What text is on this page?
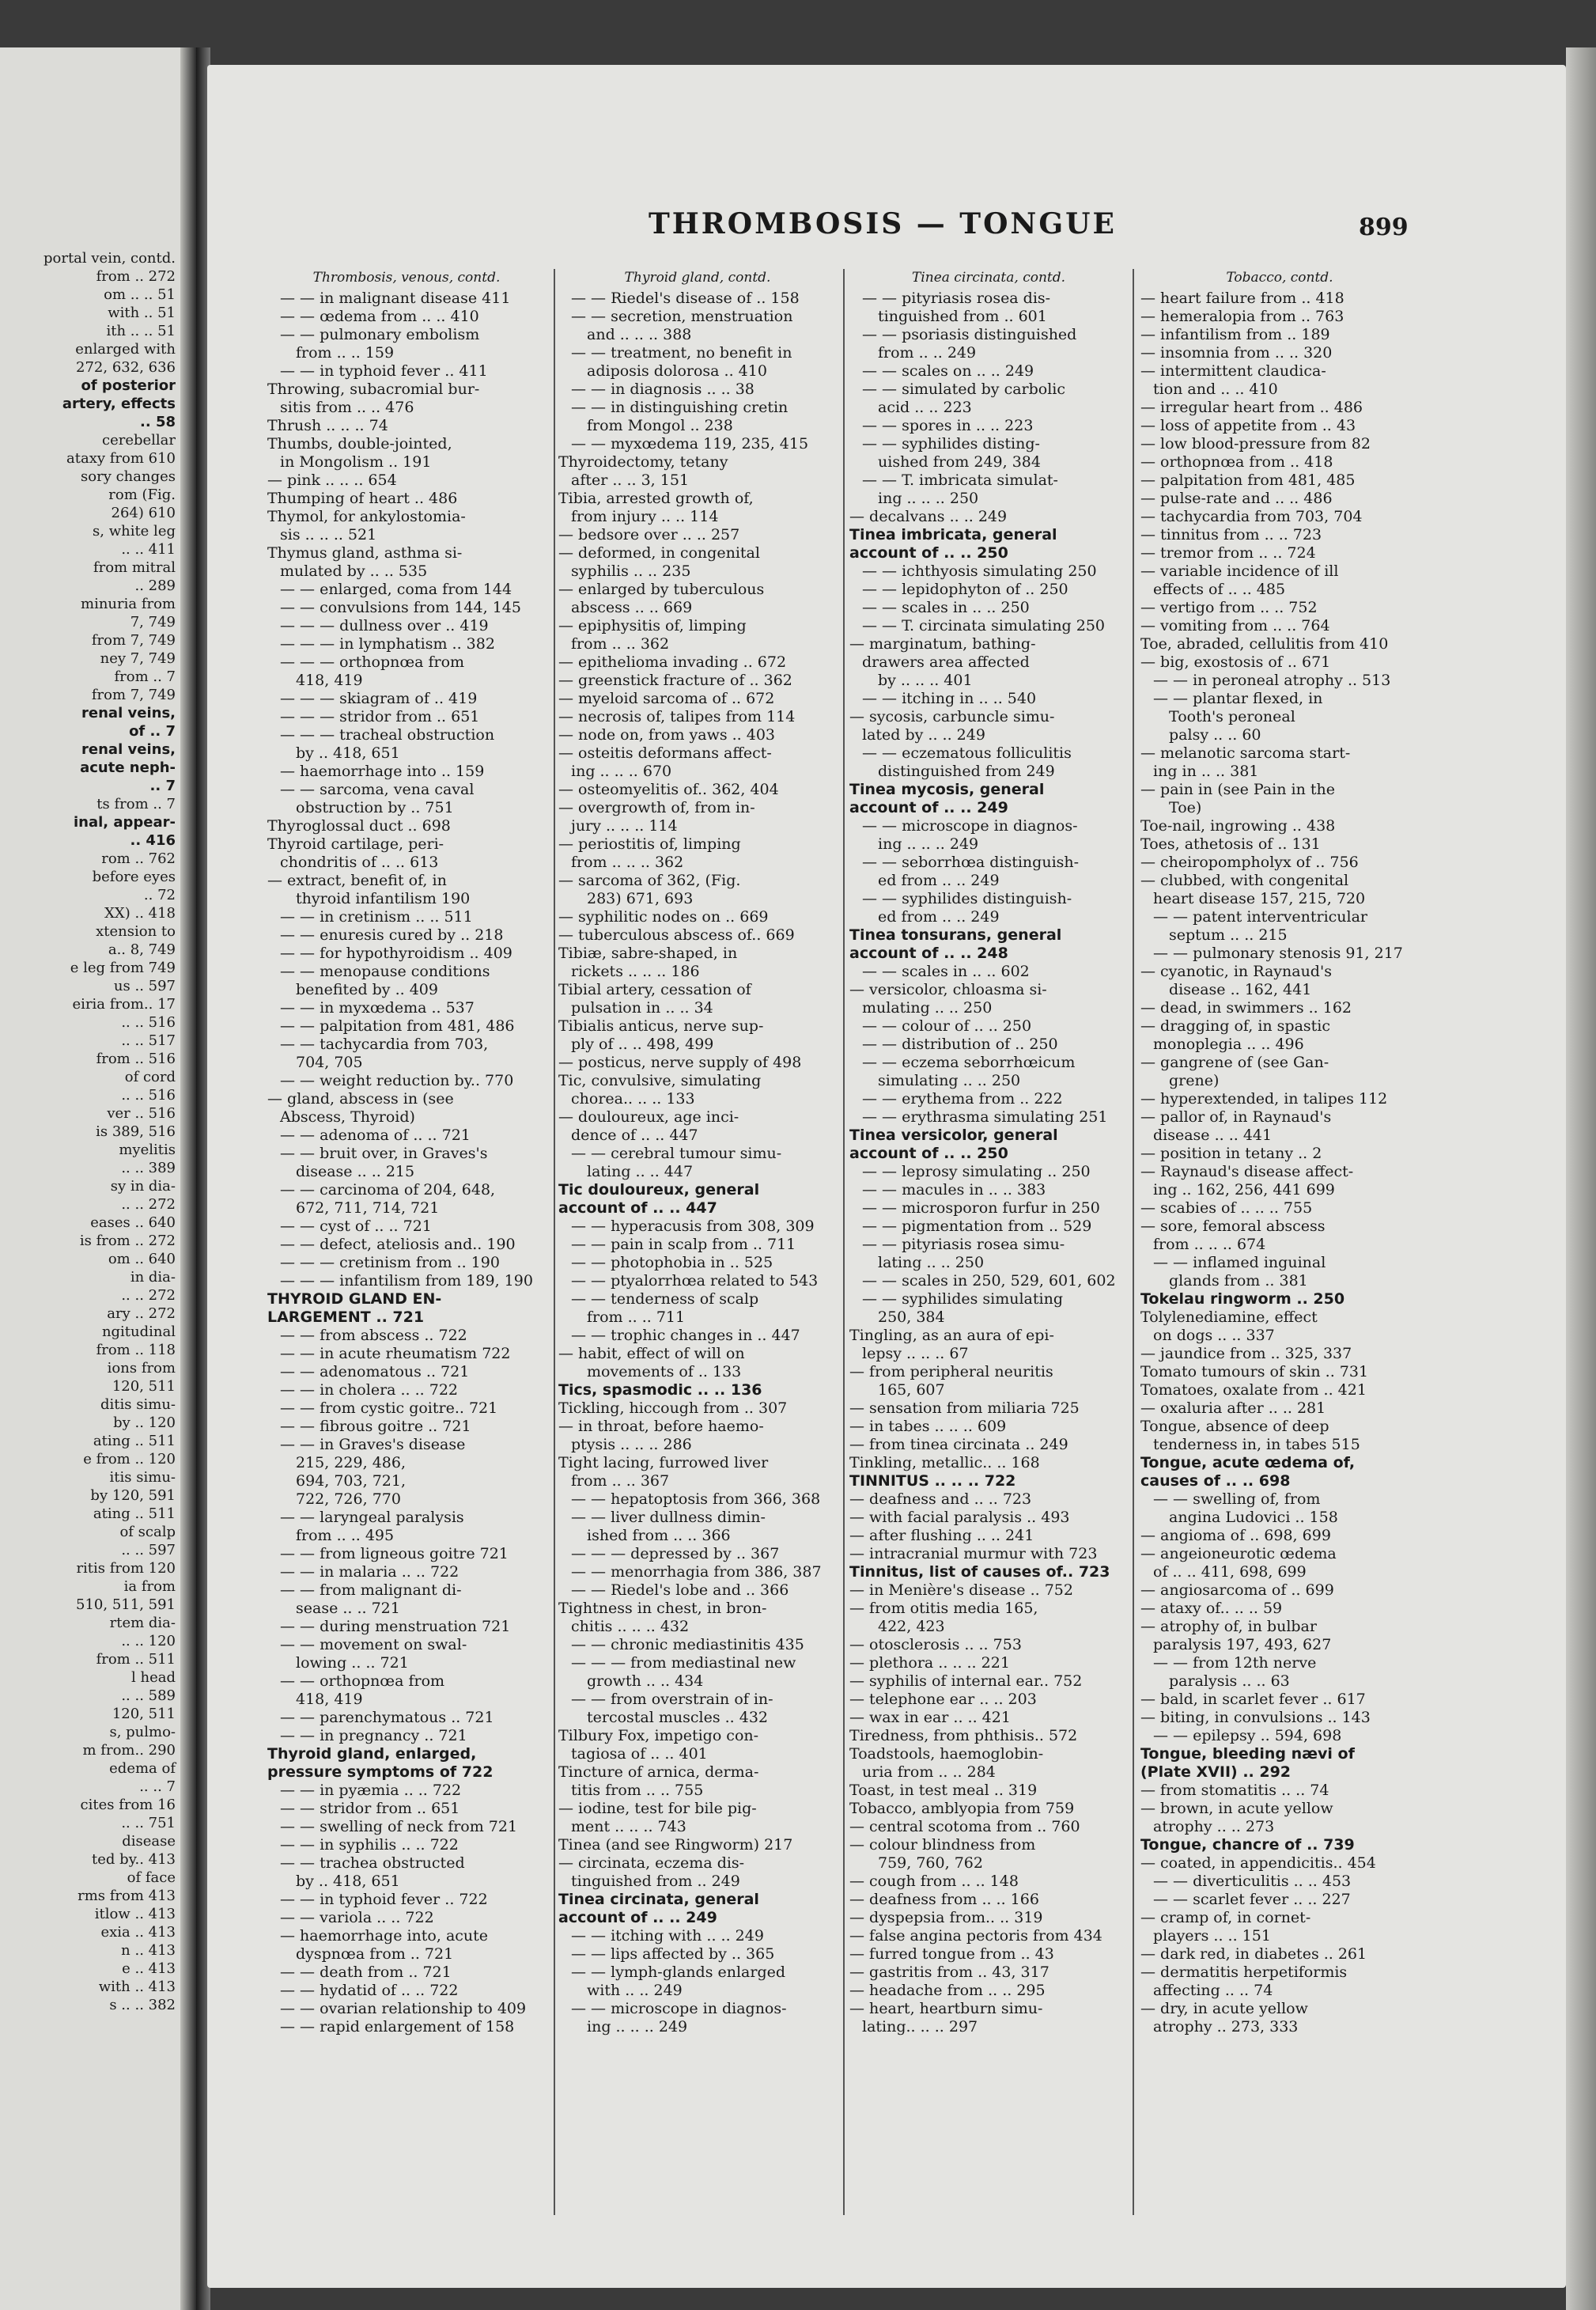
portal vein, contd.
from .. 272
om .. .. 51
with .. 51
ith .. .. 51
enlarged with
272, 632, 636
of posterior
artery, effects
.. 58
cerebellar
ataxy from 610
sory changes
rom (Fig.
264) 610
s, white leg
.. .. 411
from mitral
.. 289
minuria from
7, 749
from 7, 749
ney 7, 749
from .. 7
from 7, 749
renal veins,
of .. 7
renal veins,
acute neph-
.. 7
ts from .. 7
inal, appear-
.. 416
rom .. 762
before eyes
.. 72
XX) .. 418
xtension to
a.. 8, 749
e leg from 749
us .. 597
eiria from.. 17
.. .. 516
.. .. 517
from .. 516
of cord
.. .. 516
ver .. 516
is 389, 516
myelitis
.. .. 389
sy in dia-
.. .. 272
eases .. 640
is from .. 272
om .. 640
in dia-
.. .. 272
ary .. 272
ngitudinal
from .. 118
ions from
120, 511
ditis simu-
by .. 120
ating .. 511
e from .. 120
itis simu-
by 120, 591
ating .. 511
of scalp
.. .. 597
ritis from 120
ia from
510, 511, 591
rtem dia-
.. .. 120
from .. 511
l head
.. .. 589
120, 511
s, pulmo-
m from.. 290
edema of
.. .. 7
cites from 16
.. .. 751
disease
ted by.. 413
of face
rms from 413
itlow .. 413
exia .. 413
n .. 413
e .. 413
with .. 413
s .. .. 382
THROMBOSIS — TONGUE	899
Thrombosis, venous, contd.
— — in malignant disease 411
— — œdema from .. .. 410
— — pulmonary embolism
from .. .. 159
— — in typhoid fever .. 411
Throwing, subacromial bur-
sitis from .. .. 476
Thrush .. .. .. 74
Thumbs, double-jointed,
in Mongolism .. 191
— pink .. .. .. 654
Thumping of heart .. 486
Thymol, for ankylostomia-
sis .. .. .. 521
Thymus gland, asthma si-
mulated by .. .. 535
— — enlarged, coma from 144
— — convulsions from 144, 145
— — — dullness over .. 419
— — — in lymphatism .. 382
— — — orthopnœa from
418, 419
— — — skiagram of .. 419
— — — stridor from .. 651
— — — tracheal obstruction
by .. 418, 651
— haemorrhage into .. 159
— — sarcoma, vena caval
obstruction by .. 751
Thyroglossal duct .. 698
Thyroid cartilage, peri-
chondritis of .. .. 613
— extract, benefit of, in
thyroid infantilism 190
— — in cretinism .. .. 511
— — enuresis cured by .. 218
— — for hypothyroidism .. 409
— — menopause conditions
benefited by .. 409
— — in myxœdema .. 537
— — palpitation from 481, 486
— — tachycardia from 703,
704, 705
— — weight reduction by.. 770
— gland, abscess in (see
Abscess, Thyroid)
— — adenoma of .. .. 721
— — bruit over, in Graves's
disease .. .. 215
— — carcinoma of 204, 648,
672, 711, 714, 721
— — cyst of .. .. 721
— — defect, ateliosis and.. 190
— — — cretinism from .. 190
— — — infantilism from 189, 190
THYROID GLAND EN-
LARGEMENT .. 721
— — from abscess .. 722
— — in acute rheumatism 722
— — adenomatous .. 721
— — in cholera .. .. 722
— — from cystic goitre.. 721
— — fibrous goitre .. 721
— — in Graves's disease
215, 229, 486,
694, 703, 721,
722, 726, 770
— — laryngeal paralysis
from .. .. 495
— — from ligneous goitre 721
— — in malaria .. .. 722
— — from malignant di-
sease .. .. 721
— — during menstruation 721
— — movement on swal-
lowing .. .. 721
— — orthopnœa from
418, 419
— — parenchymatous .. 721
— — in pregnancy .. 721
Thyroid gland, enlarged,
pressure symptoms of 722
— — in pyæmia .. .. 722
— — stridor from .. 651
— — swelling of neck from 721
— — in syphilis .. .. 722
— — trachea obstructed
by .. 418, 651
— — in typhoid fever .. 722
— — variola .. .. 722
— haemorrhage into, acute
dyspnœa from .. 721
— — death from .. 721
— — hydatid of .. .. 722
— — ovarian relationship to 409
— — rapid enlargement of 158
Thyroid gland, contd.
— — Riedel's disease of .. 158
— — secretion, menstruation
and .. .. .. 388
— — treatment, no benefit in
adiposis dolorosa .. 410
— — in diagnosis .. .. 38
— — in distinguishing cretin
from Mongol .. 238
— — myxœdema 119, 235, 415
Thyroidectomy, tetany
after .. .. 3, 151
Tibia, arrested growth of,
from injury .. .. 114
— bedsore over .. .. 257
— deformed, in congenital
syphilis .. .. 235
— enlarged by tuberculous
abscess .. .. 669
— epiphysitis of, limping
from .. .. 362
— epithelioma invading .. 672
— greenstick fracture of .. 362
— myeloid sarcoma of .. 672
— necrosis of, talipes from 114
— node on, from yaws .. 403
— osteitis deformans affect-
ing .. .. .. 670
— osteomyelitis of.. 362, 404
— overgrowth of, from in-
jury .. .. .. 114
— periostitis of, limping
from .. .. .. 362
— sarcoma of 362, (Fig.
283) 671, 693
— syphilitic nodes on .. 669
— tuberculous abscess of.. 669
Tibiæ, sabre-shaped, in
rickets .. .. .. 186
Tibial artery, cessation of
pulsation in .. .. 34
Tibialis anticus, nerve sup-
ply of .. .. 498, 499
— posticus, nerve supply of 498
Tic, convulsive, simulating
chorea.. .. .. 133
— douloureux, age inci-
dence of .. .. 447
— — cerebral tumour simu-
lating .. .. 447
Tic douloureux, general
account of .. .. 447
— — hyperacusis from 308, 309
— — pain in scalp from .. 711
— — photophobia in .. 525
— — ptyalorrhœa related to 543
— — tenderness of scalp
from .. .. 711
— — trophic changes in .. 447
— habit, effect of will on
movements of .. 133
Tics, spasmodic .. .. 136
Tickling, hiccough from .. 307
— in throat, before haemo-
ptysis .. .. .. 286
Tight lacing, furrowed liver
from .. .. 367
— — hepatoptosis from 366, 368
— — liver dullness dimin-
ished from .. .. 366
— — — depressed by .. 367
— — menorrhagia from 386, 387
— — Riedel's lobe and .. 366
Tightness in chest, in bron-
chitis .. .. .. 432
— — chronic mediastinitis 435
— — — from mediastinal new
growth .. .. 434
— — from overstrain of in-
tercostal muscles .. 432
Tilbury Fox, impetigo con-
tagiosa of .. .. 401
Tincture of arnica, derma-
titis from .. .. 755
— iodine, test for bile pig-
ment .. .. .. 743
Tinea (and see Ringworm) 217
— circinata, eczema dis-
tinguished from .. 249
Tinea circinata, general
account of .. .. 249
— — itching with .. .. 249
— — lips affected by .. 365
— — lymph-glands enlarged
with .. .. 249
— — microscope in diagnos-
ing .. .. .. 249
Tinea circinata, contd.
— — pityriasis rosea dis-
tinguished from .. 601
— — psoriasis distinguished
from .. .. 249
— — scales on .. .. 249
— — simulated by carbolic
acid .. .. 223
— — spores in .. .. 223
— — syphilides disting-
uished from 249, 384
— — T. imbricata simulat-
ing .. .. .. 250
— decalvans .. .. 249
Tinea imbricata, general
account of .. .. 250
— — ichthyosis simulating 250
— — lepidophyton of .. 250
— — scales in .. .. 250
— — T. circinata simulating 250
— marginatum, bathing-
drawers area affected
by .. .. .. 401
— — itching in .. .. 540
— sycosis, carbuncle simu-
lated by .. .. 249
— — eczematous folliculitis
distinguished from 249
Tinea mycosis, general
account of .. .. 249
— — microscope in diagnos-
ing .. .. .. 249
— — seborrhœa distinguish-
ed from .. .. 249
— — syphilides distinguish-
ed from .. .. 249
Tinea tonsurans, general
account of .. .. 248
— — scales in .. .. 602
— versicolor, chloasma si-
mulating .. .. 250
— — colour of .. .. 250
— — distribution of .. 250
— — eczema seborrhœicum
simulating .. .. 250
— — erythema from .. 222
— — erythrasma simulating 251
Tinea versicolor, general
account of .. .. 250
— — leprosy simulating .. 250
— — macules in .. .. 383
— — microsporon furfur in 250
— — pigmentation from .. 529
— — pityriasis rosea simu-
lating .. .. 250
— — scales in 250, 529, 601, 602
— — syphilides simulating
250, 384
Tingling, as an aura of epi-
lepsy .. .. .. 67
— from peripheral neuritis
165, 607
— sensation from miliaria 725
— in tabes .. .. .. 609
— from tinea circinata .. 249
Tinkling, metallic.. .. 168
TINNITUS .. .. .. 722
— deafness and .. .. 723
— with facial paralysis .. 493
— after flushing .. .. 241
— intracranial murmur with 723
Tinnitus, list of causes of.. 723
— in Menière's disease .. 752
— from otitis media 165,
422, 423
— otosclerosis .. .. 753
— plethora .. .. .. 221
— syphilis of internal ear.. 752
— telephone ear .. .. 203
— wax in ear .. .. 421
Tiredness, from phthisis.. 572
Toadstools, haemoglobin-
uria from .. .. 284
Toast, in test meal .. 319
Tobacco, amblyopia from 759
— central scotoma from .. 760
— colour blindness from
759, 760, 762
— cough from .. .. 148
— deafness from .. .. 166
— dyspepsia from.. .. 319
— false angina pectoris from 434
— furred tongue from .. 43
— gastritis from .. 43, 317
— headache from .. .. 295
— heart, heartburn simu-
lating.. .. .. 297
Tobacco, contd.
— heart failure from .. 418
— hemeralopia from .. 763
— infantilism from .. 189
— insomnia from .. .. 320
— intermittent claudica-
tion and .. .. 410
— irregular heart from .. 486
— loss of appetite from .. 43
— low blood-pressure from 82
— orthopnœa from .. 418
— palpitation from 481, 485
— pulse-rate and .. .. 486
— tachycardia from 703, 704
— tinnitus from .. .. 723
— tremor from .. .. 724
— variable incidence of ill
effects of .. .. 485
— vertigo from .. .. 752
— vomiting from .. .. 764
Toe, abraded, cellulitis from 410
— big, exostosis of .. 671
— — in peroneal atrophy .. 513
— — plantar flexed, in
Tooth's peroneal
palsy .. .. 60
— melanotic sarcoma start-
ing in .. .. 381
— pain in (see Pain in the
Toe)
Toe-nail, ingrowing .. 438
Toes, athetosis of .. 131
— cheiropompholyx of .. 756
— clubbed, with congenital
heart disease 157, 215, 720
— — patent interventricular
septum .. .. 215
— — pulmonary stenosis 91, 217
— cyanotic, in Raynaud's
disease .. 162, 441
— dead, in swimmers .. 162
— dragging of, in spastic
monoplegia .. .. 496
— gangrene of (see Gan-
grene)
— hyperextended, in talipes 112
— pallor of, in Raynaud's
disease .. .. 441
— position in tetany .. 2
— Raynaud's disease affect-
ing .. 162, 256, 441 699
— scabies of .. .. .. 755
— sore, femoral abscess
from .. .. .. 674
— — inflamed inguinal
glands from .. 381
Tokelau ringworm .. 250
Tolylenediamine, effect
on dogs .. .. 337
— jaundice from .. 325, 337
Tomato tumours of skin .. 731
Tomatoes, oxalate from .. 421
— oxaluria after .. .. 281
Tongue, absence of deep
tenderness in, in tabes 515
Tongue, acute œdema of,
causes of .. .. 698
— — swelling of, from
angina Ludovici .. 158
— angioma of .. 698, 699
— angeioneurotic œdema
of .. .. 411, 698, 699
— angiosarcoma of .. 699
— ataxy of.. .. .. 59
— atrophy of, in bulbar
paralysis 197, 493, 627
— — from 12th nerve
paralysis .. .. 63
— bald, in scarlet fever .. 617
— biting, in convulsions .. 143
— — epilepsy .. 594, 698
Tongue, bleeding nævi of
(Plate XVII) .. 292
— from stomatitis .. .. 74
— brown, in acute yellow
atrophy .. .. 273
Tongue, chancre of .. 739
— coated, in appendicitis.. 454
— — diverticulitis .. .. 453
— — scarlet fever .. .. 227
— cramp of, in cornet-
players .. .. 151
— dark red, in diabetes .. 261
— dermatitis herpetiformis
affecting .. .. 74
— dry, in acute yellow
atrophy .. 273, 333
